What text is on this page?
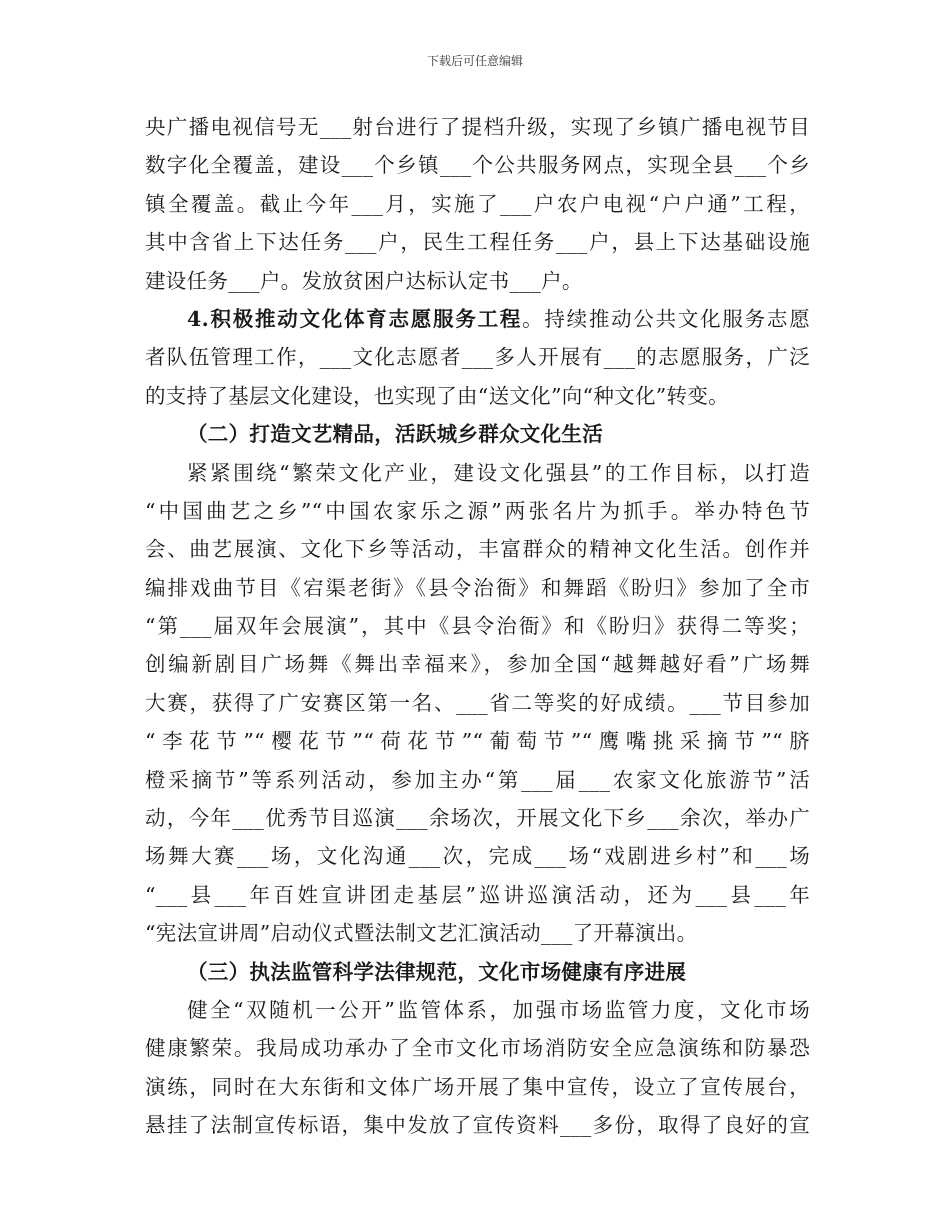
下载后可任意编辑
央广播电视信号无___射台进行了提档升级，实现了乡镇广播电视节目
数字化全覆盖，建设___个乡镇___个公共服务网点，实现全县___个乡
镇全覆盖。截止今年___月，实施了___户农户电视“户户通”工程，
其中含省上下达任务___户，民生工程任务___户，县上下达基础设施
建设任务___户。发放贫困户达标认定书___户。
4.积极推动文化体育志愿服务工程。持续推动公共文化服务志愿
者队伍管理工作，___文化志愿者___多人开展有___的志愿服务，广泛
的支持了基层文化建设，也实现了由“送文化”向“种文化”转变。
（二）打造文艺精品，活跃城乡群众文化生活
紧紧围绕“繁荣文化产业，建设文化强县”的工作目标，以打造
“中国曲艺之乡”“中国农家乐之源”两张名片为抓手。举办特色节
会、曲艺展演、文化下乡等活动，丰富群众的精神文化生活。创作并
编排戏曲节目《宕渠老街》《县令治衙》和舞蹈《盼归》参加了全市
“第___届双年会展演”，其中《县令治衙》和《盼归》获得二等奖；
创编新剧目广场舞《舞出幸福来》，参加全国“越舞越好看”广场舞
大赛，获得了广安赛区第一名、___省二等奖的好成绩。___节目参加
“李花节”“樱花节”“荷花节”“葡萄节”“鹰嘴挑采摘节”“脐
橙采摘节”等系列活动，参加主办“第___届___农家文化旅游节”活
动，今年___优秀节目巡演___余场次，开展文化下乡___余次，举办广
场舞大赛___场，文化沟通___次，完成___场“戏剧进乡村”和___场
“___县___年百姓宣讲团走基层”巡讲巡演活动，还为___县___年
“宪法宣讲周”启动仪式暨法制文艺汇演活动___了开幕演出。
（三）执法监管科学法律规范，文化市场健康有序进展
健全“双随机一公开”监管体系，加强市场监管力度，文化市场
健康繁荣。我局成功承办了全市文化市场消防安全应急演练和防暴恐
演练，同时在大东街和文体广场开展了集中宣传，设立了宣传展台，
悬挂了法制宣传标语，集中发放了宣传资料___多份，取得了良好的宣
